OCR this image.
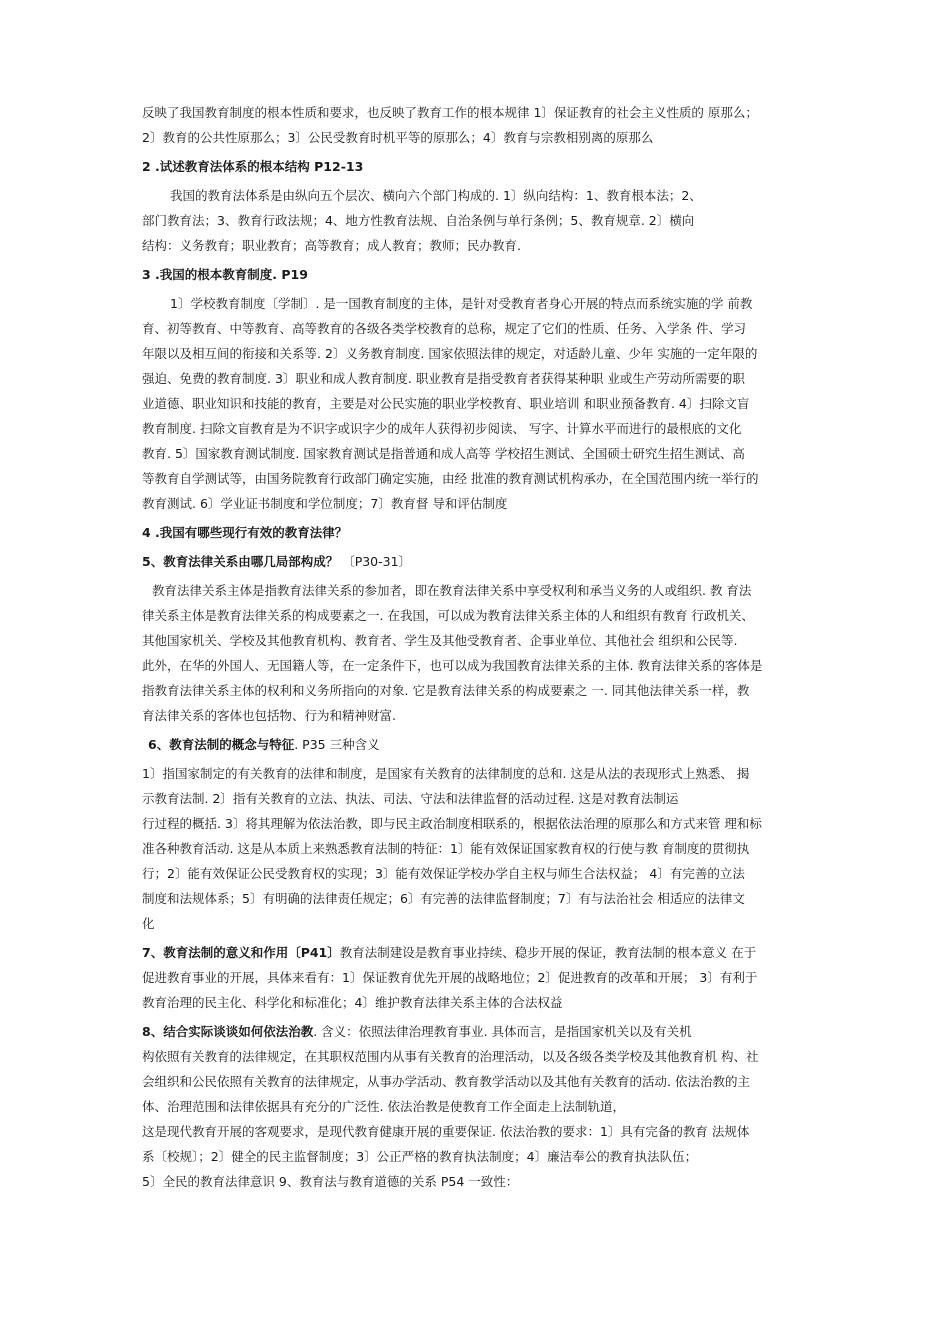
反映了我国教育制度的根本性质和要求，也反映了教育工作的根本规律 1〕保证教育的社会主义性质的 原那么；

2〕教育的公共性原那么；3〕公民受教育时机平等的原那么；4〕教育与宗教相别离的原那么

2 .试述教育法体系的根本结构 P12-13

我国的教育法体系是由纵向五个层次、横向六个部门构成的. 1〕纵向结构：1、教育根本法；2、

部门教育法；3、教育行政法规；4、地方性教育法规、自治条例与单行条例；5、教育规章. 2〕横向

结构：义务教育；职业教育；高等教育；成人教育；教师；民办教育.

3 .我国的根本教育制度. P19

1〕学校教育制度〔学制〕. 是一国教育制度的主体，是针对受教育者身心开展的特点而系统实施的学 前教

育、初等教育、中等教育、高等教育的各级各类学校教育的总称，规定了它们的性质、任务、入学条 件、学习

年限以及相互间的衔接和关系等. 2〕义务教育制度. 国家依照法律的规定，对适龄儿童、少年 实施的一定年限的

强迫、免费的教育制度. 3〕职业和成人教育制度. 职业教育是指受教育者获得某种职 业或生产劳动所需要的职

业道德、职业知识和技能的教育，主要是对公民实施的职业学校教育、职业培训 和职业预备教育. 4〕扫除文盲

教育制度. 扫除文盲教育是为不识字或识字少的成年人获得初步阅读、 写字、计算水平而进行的最根底的文化

教育. 5〕国家教育测试制度. 国家教育测试是指普通和成人高等 学校招生测试、全国硕士研究生招生测试、高

等教育自学测试等，由国务院教育行政部门确定实施，由经 批准的教育测试机构承办，在全国范围内统一举行的

教育测试. 6〕学业证书制度和学位制度；7〕教育督 导和评估制度

4 .我国有哪些现行有效的教育法律？

5、教育法律关系由哪几局部构成？ 〔P30-31〕

教育法律关系主体是指教育法律关系的参加者，即在教育法律关系中享受权利和承当义务的人或组织. 教 育法

律关系主体是教育法律关系的构成要素之一. 在我国，可以成为教育法律关系主体的人和组织有教育 行政机关、

其他国家机关、学校及其他教育机构、教育者、学生及其他受教育者、企事业单位、其他社会 组织和公民等.

此外，在华的外国人、无国籍人等，在一定条件下，也可以成为我国教育法律关系的主体. 教育法律关系的客体是

指教育法律关系主体的权利和义务所指向的对象. 它是教育法律关系的构成要素之 一. 同其他法律关系一样，教

育法律关系的客体也包括物、行为和精神财富.

6、教育法制的概念与特征. P35 三种含义

1〕指国家制定的有关教育的法律和制度，是国家有关教育的法律制度的总和. 这是从法的表现形式上熟悉、 揭

示教育法制. 2〕指有关教育的立法、执法、司法、守法和法律监督的活动过程. 这是对教育法制运

行过程的概括. 3〕将其理解为依法治教，即与民主政治制度相联系的，根据依法治理的原那么和方式来管 理和标

准各种教育活动. 这是从本质上来熟悉教育法制的特征：1〕能有效保证国家教育权的行使与教 育制度的贯彻执

行；2〕能有效保证公民受教育权的实现；3〕能有效保证学校办学自主权与师生合法权益； 4〕有完善的立法

制度和法规体系；5〕有明确的法律责任规定；6〕有完善的法律监督制度；7〕有与法治社会 相适应的法律文

化

7、教育法制的意义和作用〔P41〕教育法制建设是教育事业持续、稳步开展的保证，教育法制的根本意义 在于

促进教育事业的开展，具体来看有：1〕保证教育优先开展的战略地位；2〕促进教育的改革和开展； 3〕有利于

教育治理的民主化、科学化和标准化；4〕维护教育法律关系主体的合法权益

8、结合实际谈谈如何依法治教. 含义：依照法律治理教育事业. 具体而言，是指国家机关以及有关机

构依照有关教育的法律规定，在其职权范围内从事有关教育的治理活动，以及各级各类学校及其他教育机 构、社

会组织和公民依照有关教育的法律规定，从事办学活动、教育教学活动以及其他有关教育的活动. 依法治教的主

体、治理范围和法律依据具有充分的广泛性. 依法治教是使教育工作全面走上法制轨道，

这是现代教育开展的客观要求，是现代教育健康开展的重要保证. 依法治教的要求：1〕具有完备的教育 法规体

系〔校规〕；2〕健全的民主监督制度；3〕公正严格的教育执法制度；4〕廉洁奉公的教育执法队伍；

5〕全民的教育法律意识 9、教育法与教育道德的关系 P54 一致性：
